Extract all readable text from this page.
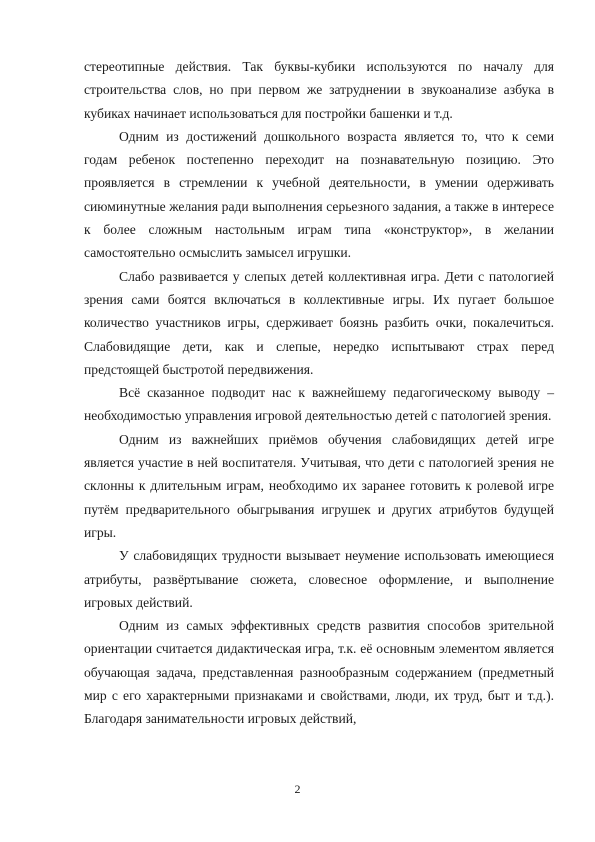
стереотипные действия. Так буквы-кубики используются по началу для строительства слов, но при первом же затруднении в звукоанализе азбука в кубиках начинает использоваться для постройки башенки и т.д.

Одним из достижений дошкольного возраста является то, что к семи годам ребенок постепенно переходит на познавательную позицию. Это проявляется в стремлении к учебной деятельности, в умении одерживать сиюминутные желания ради выполнения серьезного задания, а также в интересе к более сложным настольным играм типа «конструктор», в желании самостоятельно осмыслить замысел игрушки.

Слабо развивается у слепых детей коллективная игра. Дети с патологией зрения сами боятся включаться в коллективные игры. Их пугает большое количество участников игры, сдерживает боязнь разбить очки, покалечиться. Слабовидящие дети, как и слепые, нередко испытывают страх перед предстоящей быстротой передвижения.

Всё сказанное подводит нас к важнейшему педагогическому выводу – необходимостью управления игровой деятельностью детей с патологией зрения.

Одним из важнейших приёмов обучения слабовидящих детей игре является участие в ней воспитателя. Учитывая, что дети с патологией зрения не склонны к длительным играм, необходимо их заранее готовить к ролевой игре путём предварительного обыгрывания игрушек и других атрибутов будущей игры.

У слабовидящих трудности вызывает неумение использовать имеющиеся атрибуты, развёртывание сюжета, словесное оформление, и выполнение игровых действий.

Одним из самых эффективных средств развития способов зрительной ориентации считается дидактическая игра, т.к. её основным элементом является обучающая задача, представленная разнообразным содержанием (предметный мир с его характерными признаками и свойствами, люди, их труд, быт и т.д.). Благодаря занимательности игровых действий,

2
